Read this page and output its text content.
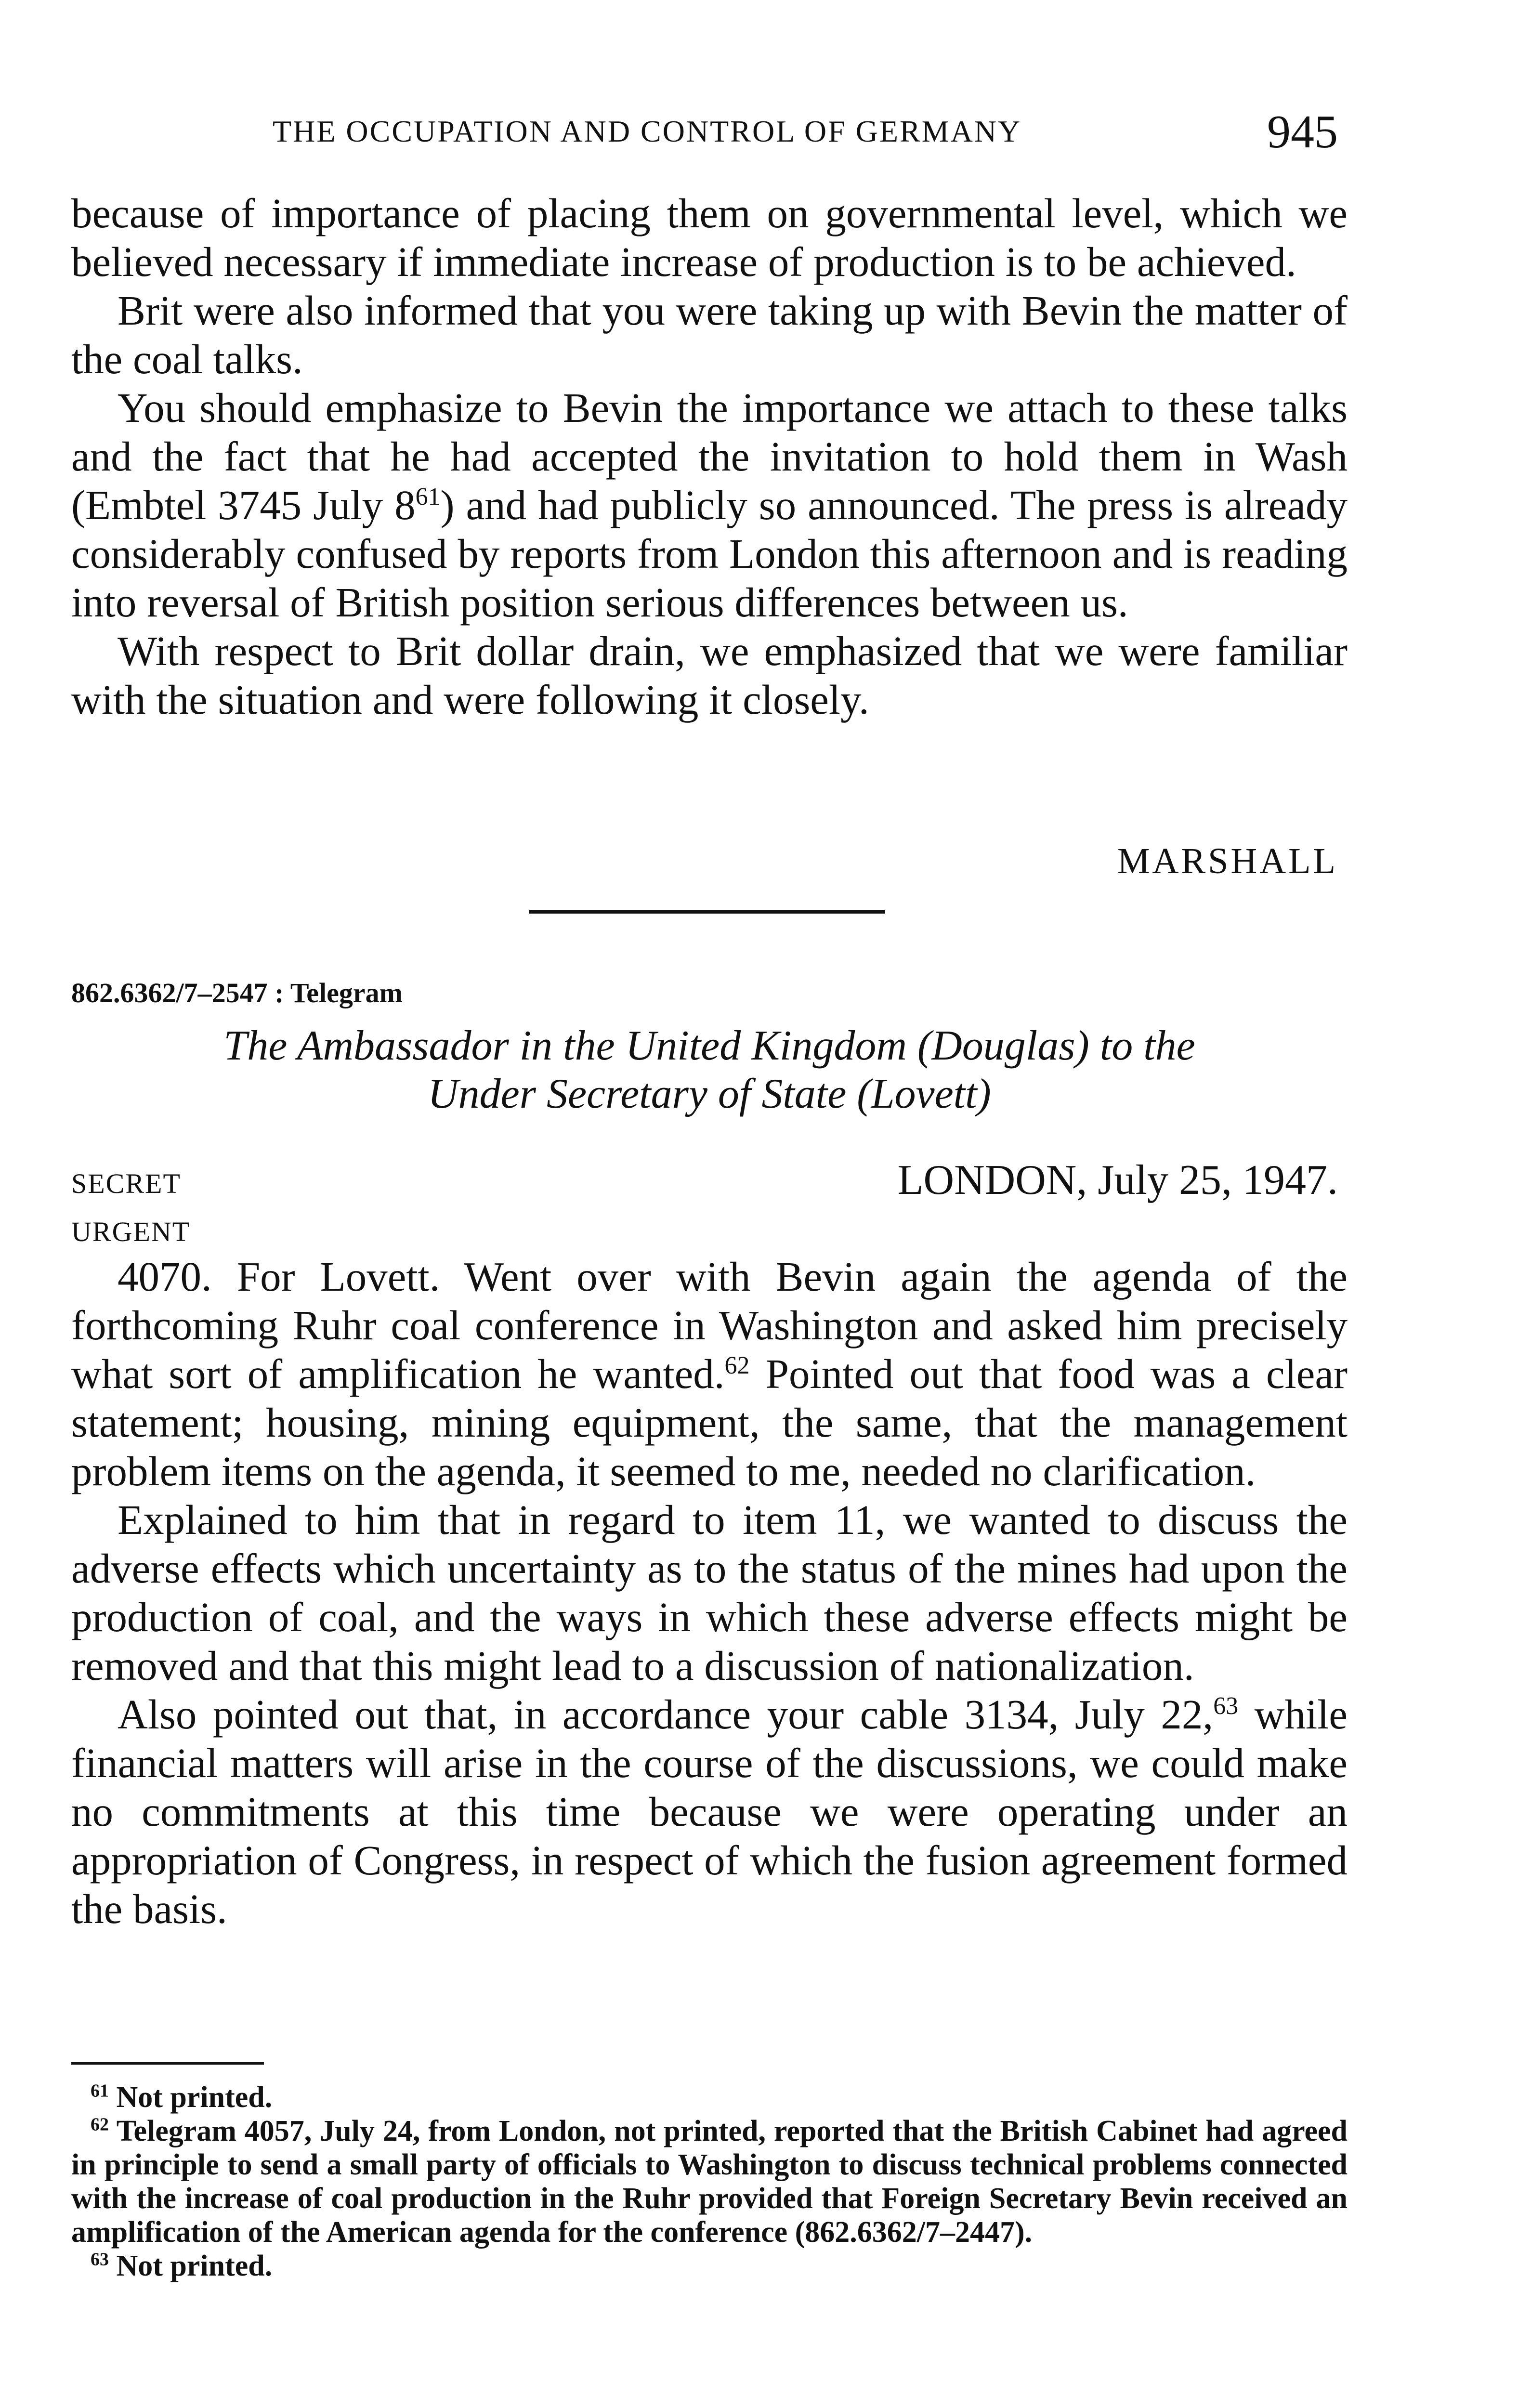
THE OCCUPATION AND CONTROL OF GERMANY	945

because of importance of placing them on governmental level, which we believed necessary if immediate increase of production is to be achieved.

Brit were also informed that you were taking up with Bevin the matter of the coal talks.

You should emphasize to Bevin the importance we attach to these talks and the fact that he had accepted the invitation to hold them in Wash (Embtel 3745 July $8^{61}$) and had publicly so announced. The press is already considerably confused by reports from London this afternoon and is reading into reversal of British position serious differences between us.

With respect to Brit dollar drain, we emphasized that we were familiar with the situation and were following it closely.

MARSHALL
862.6362/7–2547 : Telegram
The Ambassador in the United Kingdom (Douglas) to the
Under Secretary of State (Lovett)
SECRET	LONDON, July 25, 1947.
URGENT

4070. For Lovett. Went over with Bevin again the agenda of the forthcoming Ruhr coal conference in Washington and asked him precisely what sort of amplification he wanted.$^{62}$ Pointed out that food was a clear statement; housing, mining equipment, the same, that the management problem items on the agenda, it seemed to me, needed no clarification.

Explained to him that in regard to item 11, we wanted to discuss the adverse effects which uncertainty as to the status of the mines had upon the production of coal, and the ways in which these adverse effects might be removed and that this might lead to a discussion of nationalization.

Also pointed out that, in accordance your cable 3134, July 22,63 while financial matters will arise in the course of the discussions, we could make no commitments at this time because we were operating under an appropriation of Congress, in respect of which the fusion agreement formed the basis.

$^{61}$ Not printed.

$^{62}$ Telegram 4057, July 24, from London, not printed, reported that the British Cabinet had agreed in principle to send a small party of officials to Washington to discuss technical problems connected with the increase of coal production in the Ruhr provided that Foreign Secretary Bevin received an amplification of the American agenda for the conference (862.6362/7–2447).

$^{63}$ Not printed.
